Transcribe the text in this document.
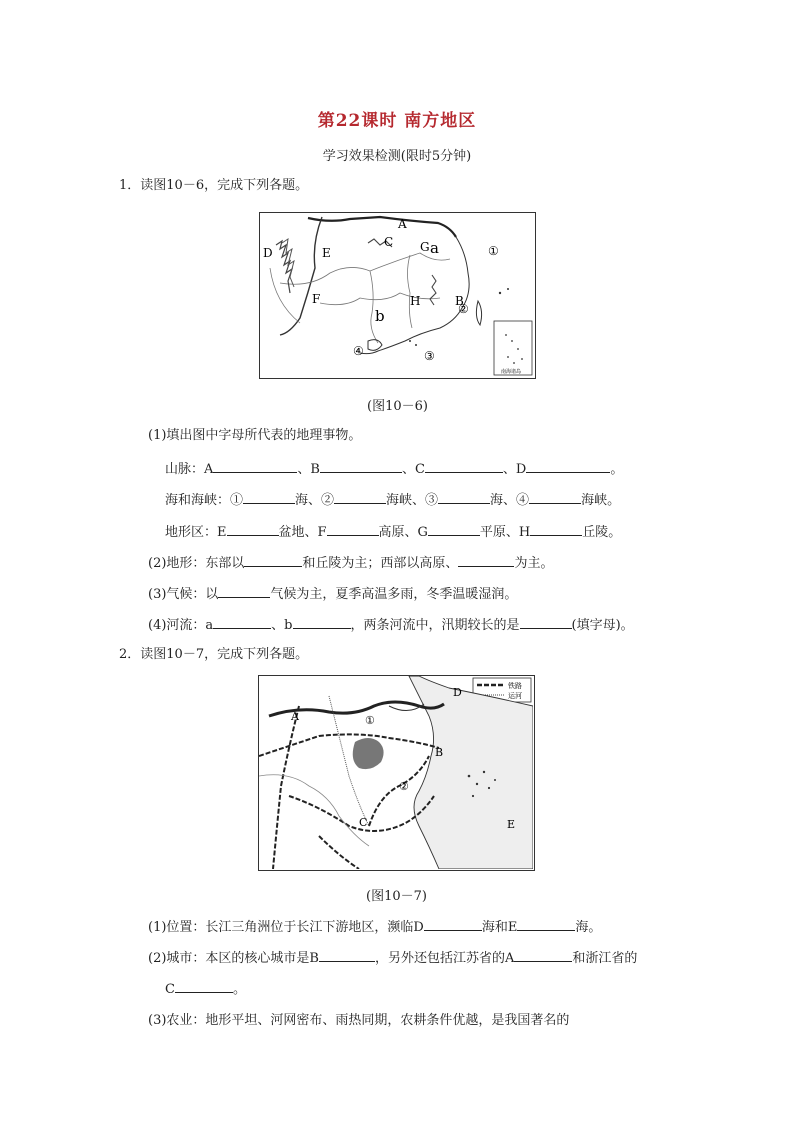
第22课时 南方地区
学习效果检测(限时5分钟)
1．读图10－6，完成下列各题。
A
B
C
D	E
F
G
H
a
b
①
②
③
④
南海诸岛
(图10－6)
(1)填出图中字母所代表的地理事物。
山脉：A	、B	、C	、D	。
海和海峡：①	海、②	海峡、③	海、④	海峡。
地形区：E	盆地、F	高原、G	平原、H	丘陵。
(2)地形：东部以	和丘陵为主；西部以高原、	为主。
(3)气候：以	气候为主，夏季高温多雨，冬季温暖湿润。
(4)河流：a	、b	，两条河流中，汛期较长的是	(填字母)。
2．读图10－7，完成下列各题。
铁路
运河
A
B
C
D
E
①
②
(图10－7)
(1)位置：长江三角洲位于长江下游地区，濒临D	海和E	海。
(2)城市：本区的核心城市是B	，另外还包括江苏省的A	和浙江省的
C	。
(3)农业：地形平坦、河网密布、雨热同期，农耕条件优越，是我国著名的
